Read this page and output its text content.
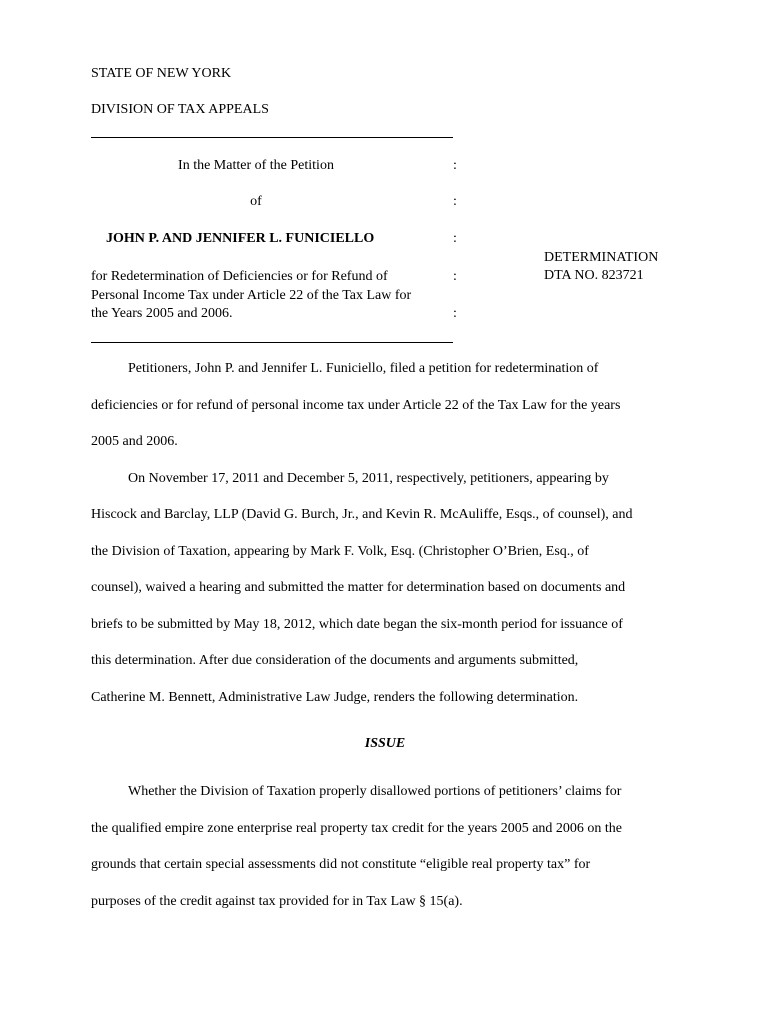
STATE OF NEW YORK
DIVISION OF TAX APPEALS
In the Matter of the Petition
of
JOHN P. AND JENNIFER L. FUNICIELLO
for Redetermination of Deficiencies or for Refund of
Personal Income Tax under Article 22 of the Tax Law for
the Years 2005 and 2006.
:
:
:
:
:
DETERMINATION
DTA NO. 823721
Petitioners, John P. and Jennifer L. Funiciello, filed a petition for redetermination of
deficiencies or for refund of personal income tax under Article 22 of the Tax Law for the years
2005 and 2006.
On November 17, 2011 and December 5, 2011, respectively, petitioners, appearing by
Hiscock and Barclay, LLP (David G. Burch, Jr., and Kevin R. McAuliffe, Esqs., of counsel), and
the Division of Taxation, appearing by Mark F. Volk, Esq. (Christopher O’Brien, Esq., of
counsel), waived a hearing and submitted the matter for determination based on documents and
briefs to be submitted by May 18, 2012, which date began the six-month period for issuance of
this determination. After due consideration of the documents and arguments submitted,
Catherine M. Bennett, Administrative Law Judge, renders the following determination.
ISSUE
Whether the Division of Taxation properly disallowed portions of petitioners’ claims for
the qualified empire zone enterprise real property tax credit for the years 2005 and 2006 on the
grounds that certain special assessments did not constitute “eligible real property tax” for
purposes of the credit against tax provided for in Tax Law § 15(a).
